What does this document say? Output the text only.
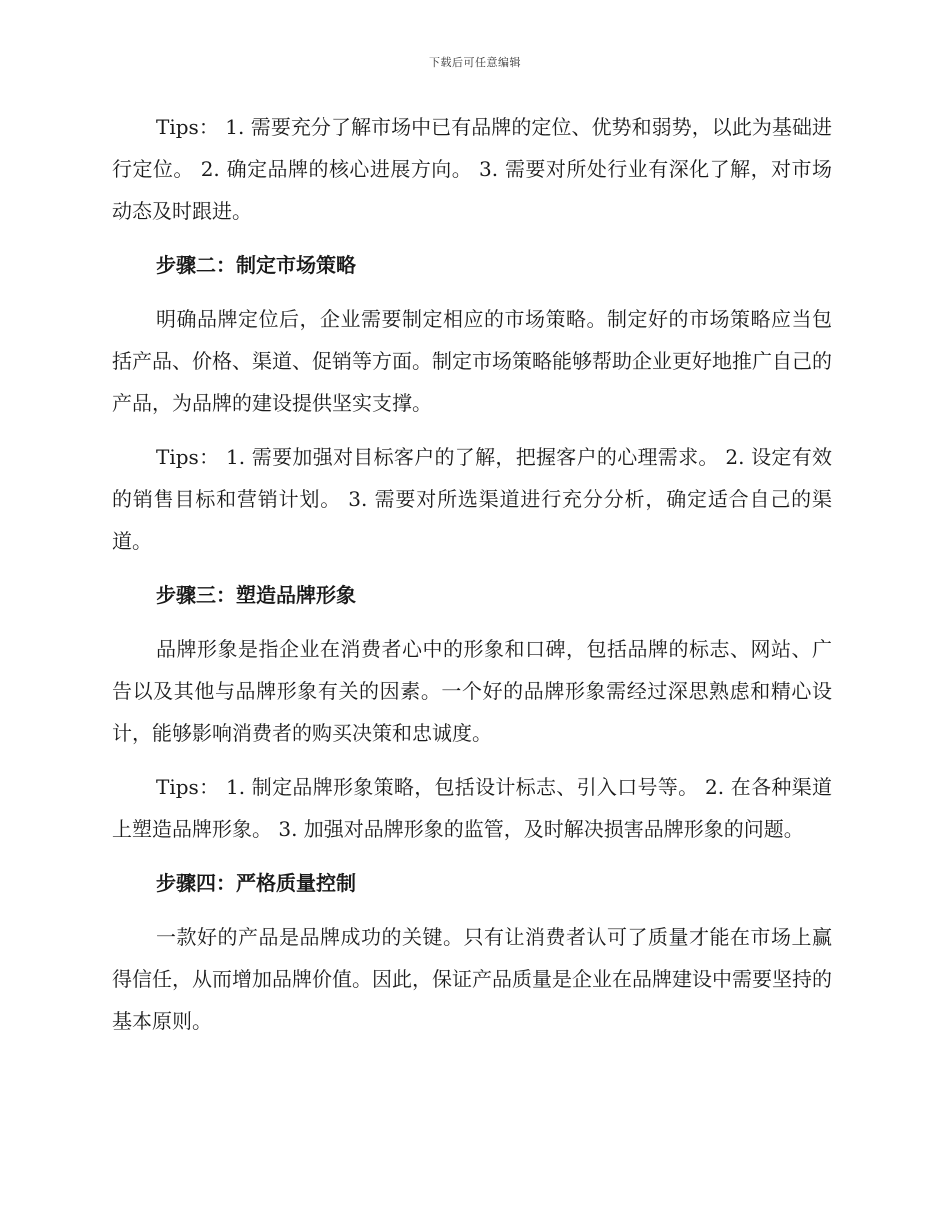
下载后可任意编辑

Tips： 1. 需要充分了解市场中已有品牌的定位、优势和弱势，以此为基础进行定位。 2. 确定品牌的核心进展方向。 3. 需要对所处行业有深化了解，对市场动态及时跟进。

步骤二：制定市场策略

明确品牌定位后，企业需要制定相应的市场策略。制定好的市场策略应当包括产品、价格、渠道、促销等方面。制定市场策略能够帮助企业更好地推广自己的产品，为品牌的建设提供坚实支撑。

Tips： 1. 需要加强对目标客户的了解，把握客户的心理需求。 2. 设定有效的销售目标和营销计划。 3. 需要对所选渠道进行充分分析，确定适合自己的渠道。

步骤三：塑造品牌形象

品牌形象是指企业在消费者心中的形象和口碑，包括品牌的标志、网站、广告以及其他与品牌形象有关的因素。一个好的品牌形象需经过深思熟虑和精心设计，能够影响消费者的购买决策和忠诚度。

Tips： 1. 制定品牌形象策略，包括设计标志、引入口号等。 2. 在各种渠道上塑造品牌形象。 3. 加强对品牌形象的监管，及时解决损害品牌形象的问题。

步骤四：严格质量控制

一款好的产品是品牌成功的关键。只有让消费者认可了质量才能在市场上赢得信任，从而增加品牌价值。因此，保证产品质量是企业在品牌建设中需要坚持的基本原则。
